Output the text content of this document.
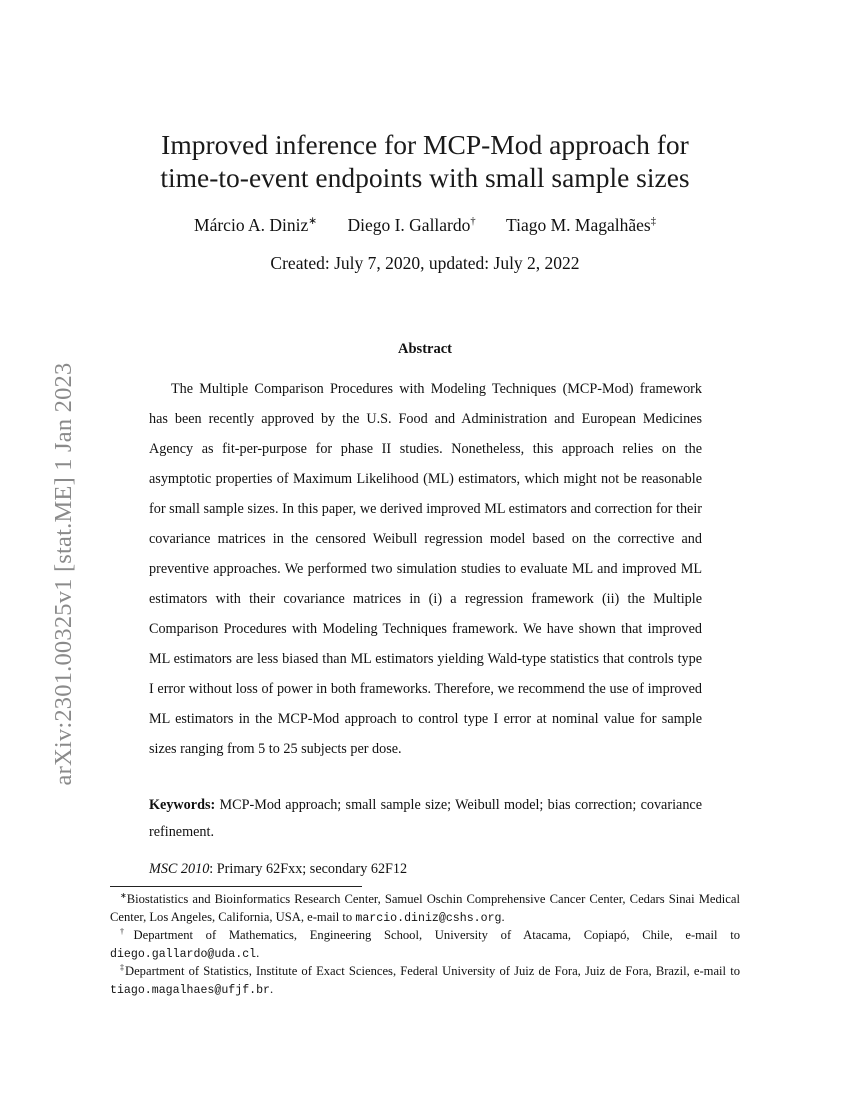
arXiv:2301.00325v1 [stat.ME] 1 Jan 2023
Improved inference for MCP-Mod approach for
time-to-event endpoints with small sample sizes
Márcio A. Diniz∗ Diego I. Gallardo† Tiago M. Magalhães‡
Created: July 7, 2020, updated: July 2, 2022
Abstract

The Multiple Comparison Procedures with Modeling Techniques (MCP-Mod) framework has been recently approved by the U.S. Food and Administration and European Medicines Agency as fit-per-purpose for phase II studies. Nonetheless, this approach relies on the asymptotic properties of Maximum Likelihood (ML) estimators, which might not be reasonable for small sample sizes. In this paper, we derived improved ML estimators and correction for their covariance matrices in the censored Weibull regression model based on the corrective and preventive approaches. We performed two simulation studies to evaluate ML and improved ML estimators with their covariance matrices in (i) a regression framework (ii) the Multiple Comparison Procedures with Modeling Techniques framework. We have shown that improved ML estimators are less biased than ML estimators yielding Wald-type statistics that controls type I error without loss of power in both frameworks. Therefore, we recommend the use of improved ML estimators in the MCP-Mod approach to control type I error at nominal value for sample sizes ranging from 5 to 25 subjects per dose.

Keywords: MCP-Mod approach; small sample size; Weibull model; bias correction; covariance refinement.

MSC 2010: Primary 62Fxx; secondary 62F12

∗Biostatistics and Bioinformatics Research Center, Samuel Oschin Comprehensive Cancer Center, Cedars Sinai Medical Center, Los Angeles, California, USA, e-mail to marcio.diniz@cshs.org.

†Department of Mathematics, Engineering School, University of Atacama, Copiapó, Chile, e-mail to diego.gallardo@uda.cl.

‡Department of Statistics, Institute of Exact Sciences, Federal University of Juiz de Fora, Juiz de Fora, Brazil, e-mail to tiago.magalhaes@ufjf.br.
